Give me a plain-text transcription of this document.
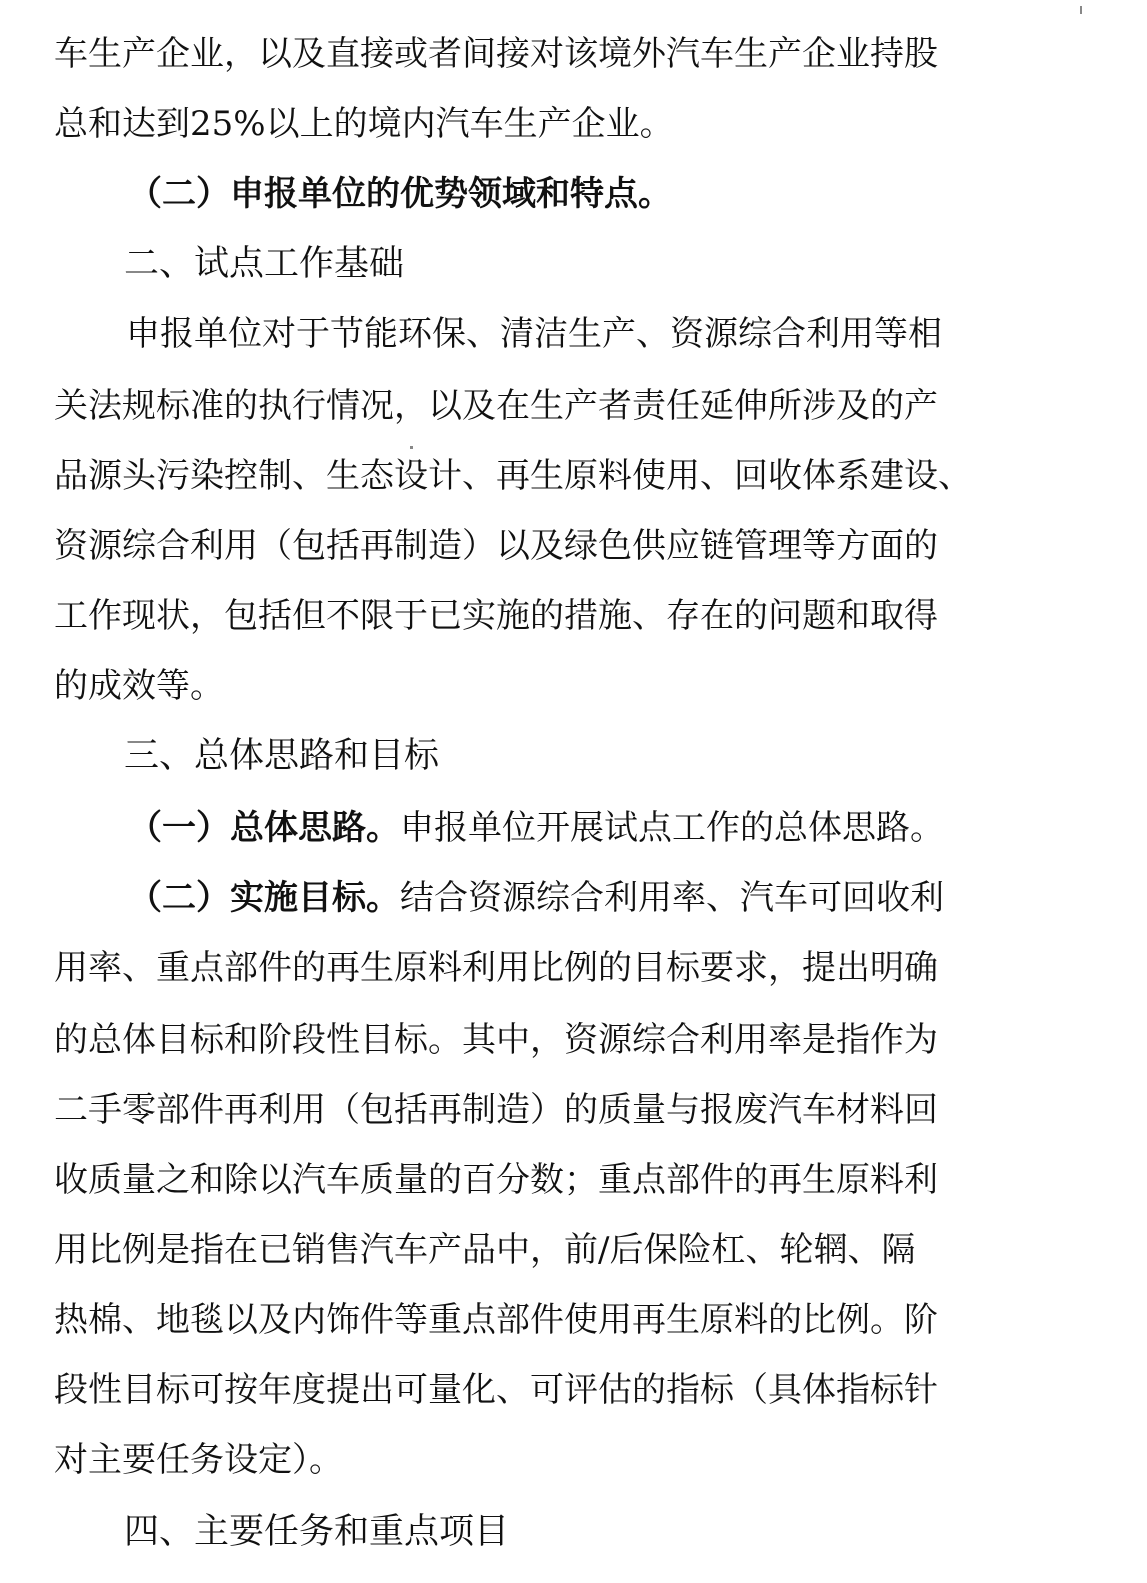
车生产企业，以及直接或者间接对该境外汽车生产企业持股
总和达到25%以上的境内汽车生产企业。
（二）申报单位的优势领域和特点。
二、试点工作基础
申报单位对于节能环保、清洁生产、资源综合利用等相
关法规标准的执行情况，以及在生产者责任延伸所涉及的产
品源头污染控制、生态设计、再生原料使用、回收体系建设、
资源综合利用（包括再制造）以及绿色供应链管理等方面的
工作现状，包括但不限于已实施的措施、存在的问题和取得
的成效等。
三、总体思路和目标
（一）总体思路。申报单位开展试点工作的总体思路。
（二）实施目标。结合资源综合利用率、汽车可回收利
用率、重点部件的再生原料利用比例的目标要求，提出明确
的总体目标和阶段性目标。其中，资源综合利用率是指作为
二手零部件再利用（包括再制造）的质量与报废汽车材料回
收质量之和除以汽车质量的百分数；重点部件的再生原料利
用比例是指在已销售汽车产品中，前/后保险杠、轮辋、隔
热棉、地毯以及内饰件等重点部件使用再生原料的比例。阶
段性目标可按年度提出可量化、可评估的指标（具体指标针
对主要任务设定）。
四、主要任务和重点项目
